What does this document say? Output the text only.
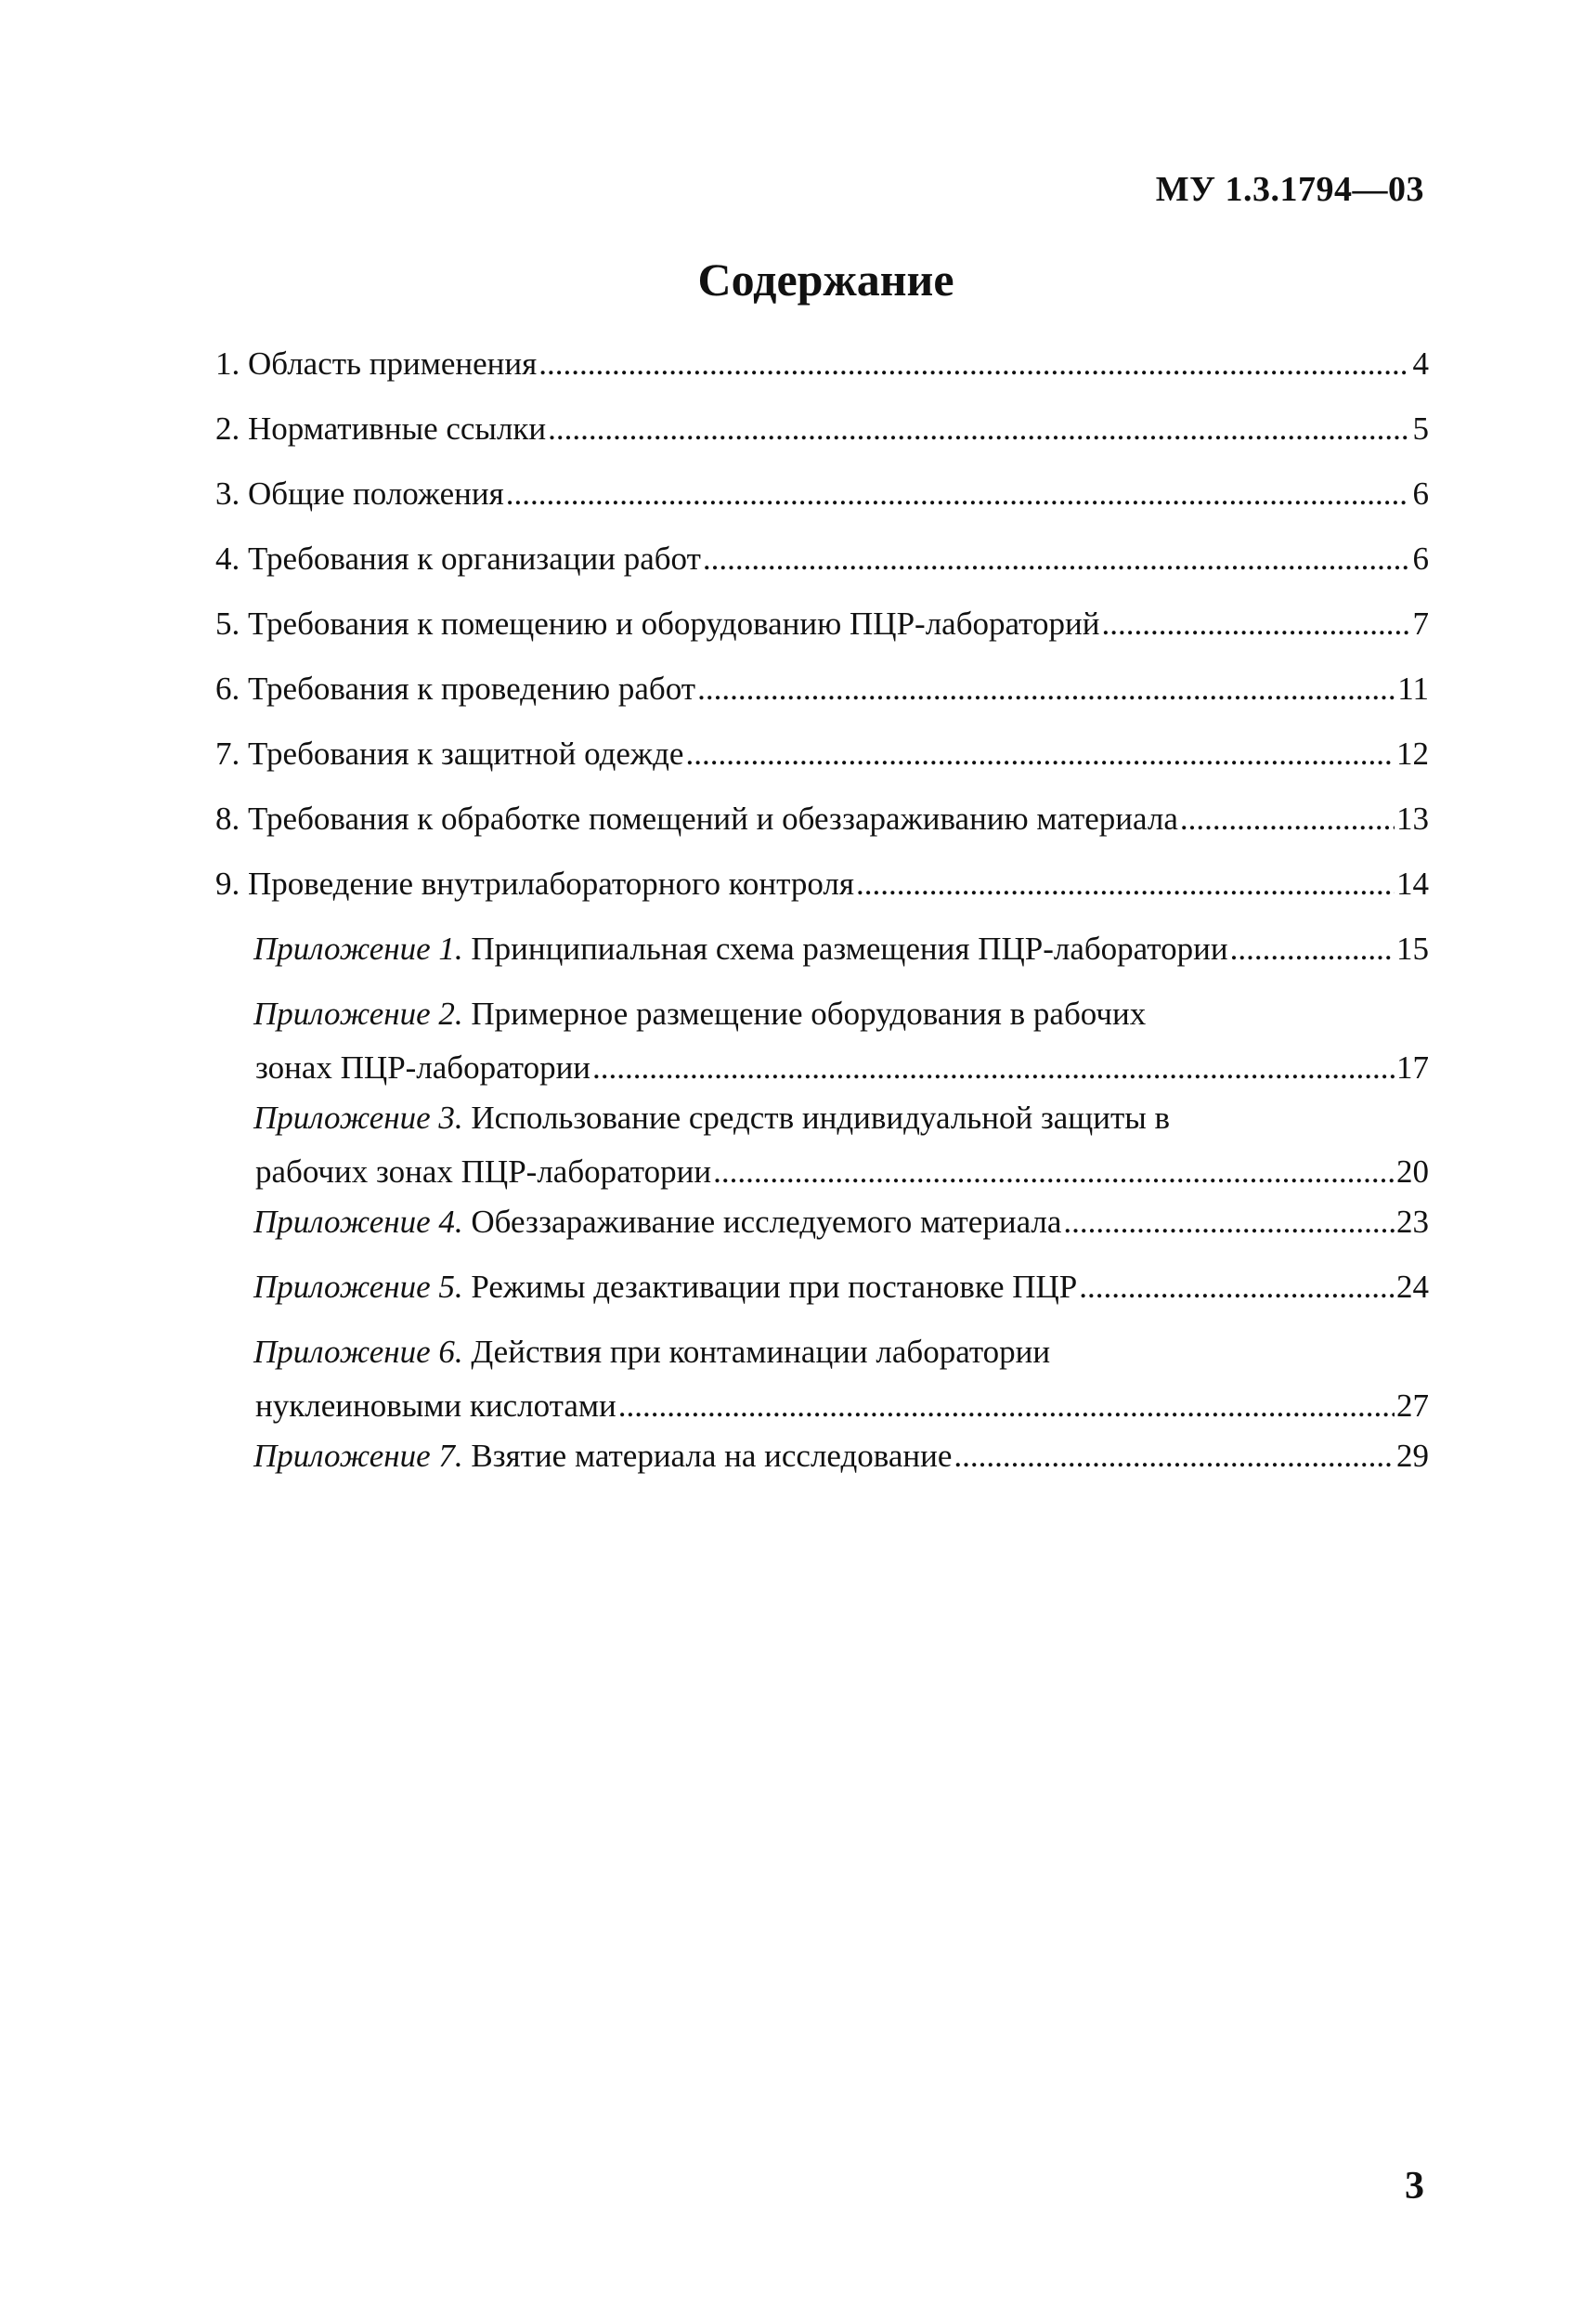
МУ 1.3.1794—03
Содержание
1. Область применения .....	4
2. Нормативные ссылки .....	5
3. Общие положения .....	6
4. Требования к организации работ .....	6
5. Требования к помещению и оборудованию ПЦР-лабораторий .....	7
6. Требования к проведению работ .....	11
7. Требования к защитной одежде .....	12
8. Требования к обработке помещений и обеззараживанию материала .....	13
9. Проведение внутрилабораторного контроля .....	14
Приложение 1.
Принципиальная схема размещения ПЦР-лаборатории .....	15
Приложение 2.
Примерное размещение оборудования в рабочих
зонах ПЦР-лаборатории .....	17
Приложение 3.
Использование средств индивидуальной защиты в
рабочих зонах ПЦР-лаборатории .....	20
Приложение 4.
Обеззараживание исследуемого материала .....	23
Приложение 5.
Режимы дезактивации при постановке ПЦР .....	24
Приложение 6.
Действия при контаминации лаборатории
нуклеиновыми кислотами .....	27
Приложение 7.
Взятие материала на исследование .....	29
3
